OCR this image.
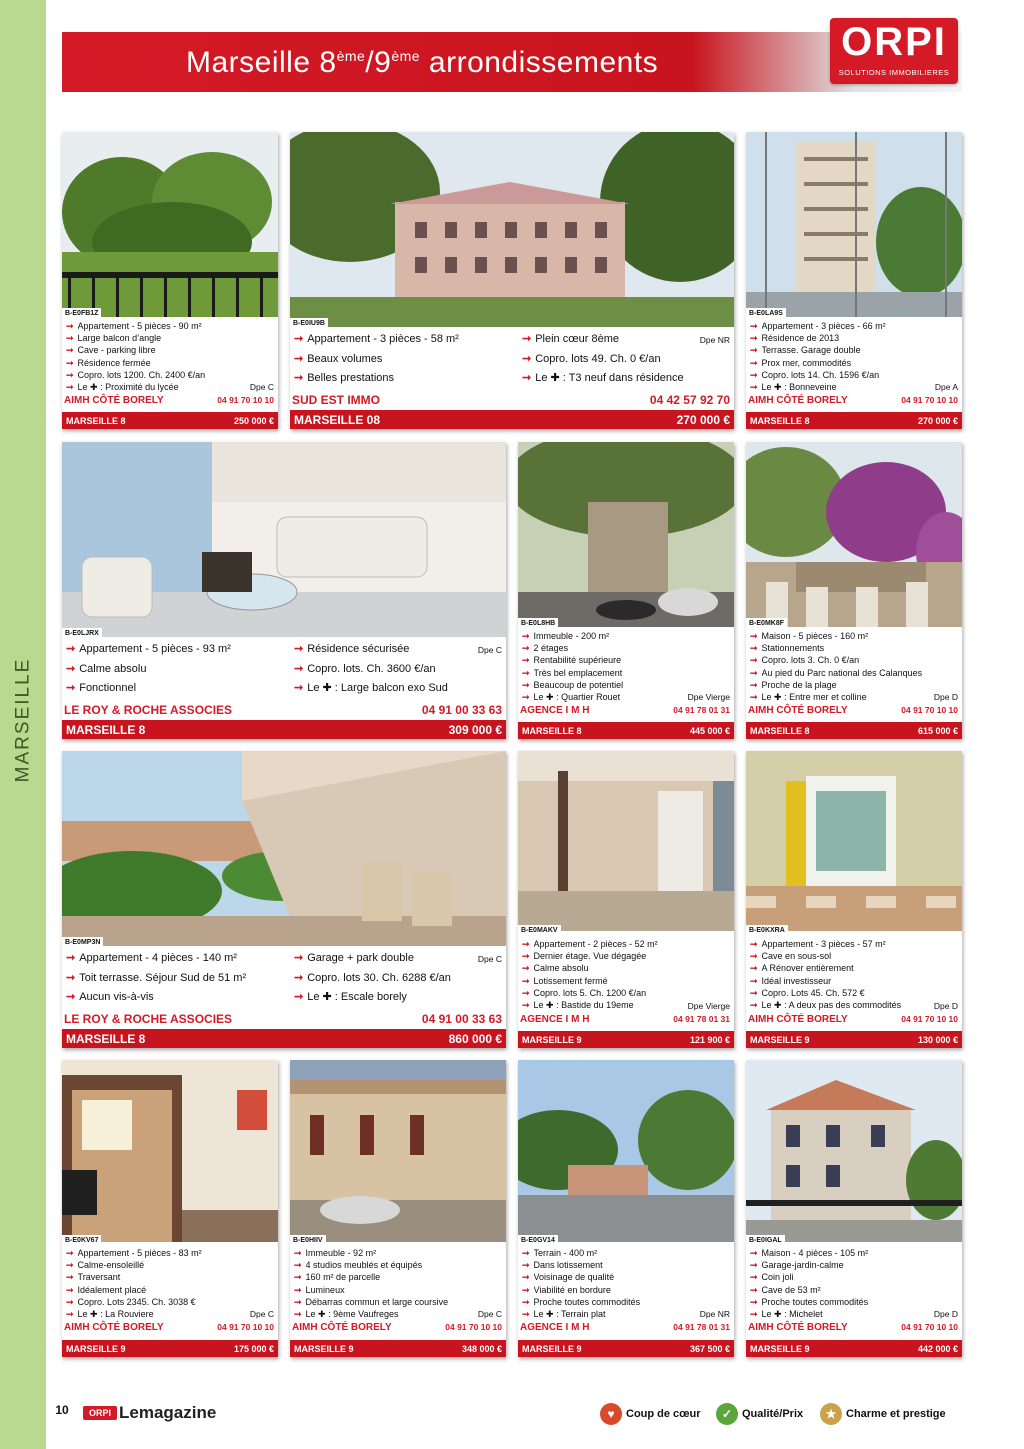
MARSEILLE
Marseille 8ème/9ème arrondissements	ORPI
SOLUTIONS IMMOBILIERES
B-E0FB1Z
➞ Appartement - 5 pièces - 90 m²
➞ Large balcon d’angle
➞ Cave - parking libre
➞ Résidence fermée
➞ Copro. lots 1200. Ch. 2400 €/an
➞ Le ✚ : Proximité du lycée	Dpe C
AIMH CÔTÉ BORELY	04 91 70 10 10
MARSEILLE 8	250 000 €
B-E0IU9B
➞ Appartement - 3 pièces - 58 m²
➞ Beaux volumes
➞ Belles prestations
➞ Plein cœur 8ème
➞ Copro. lots 49. Ch. 0 €/an
➞ Le ✚ : T3 neuf dans résidence
Dpe NR
SUD EST IMMO	04 42 57 92 70
MARSEILLE 08	270 000 €
B-E0LA9S
➞ Appartement - 3 pièces - 66 m²
➞ Résidence de 2013
➞ Terrasse. Garage double
➞ Prox mer, commodités
➞ Copro. lots 14. Ch. 1596 €/an
➞ Le ✚ : Bonneveine	Dpe A
AIMH CÔTÉ BORELY	04 91 70 10 10
MARSEILLE 8	270 000 €
B-E0LJRX
➞ Appartement - 5 pièces - 93 m²
➞ Calme absolu
➞ Fonctionnel
➞ Résidence sécurisée
➞ Copro. lots. Ch. 3600 €/an
➞ Le ✚ : Large balcon exo Sud
Dpe C
LE ROY & ROCHE ASSOCIES	04 91 00 33 63
MARSEILLE 8	309 000 €
B-E0L8HB
➞ Immeuble - 200 m²
➞ 2 étages
➞ Rentabilité supérieure
➞ Très bel emplacement
➞ Beaucoup de potentiel
➞ Le ✚ : Quartier Rouet	Dpe Vierge
AGENCE I M H	04 91 78 01 31
MARSEILLE 8	445 000 €
B-E0MK8F
➞ Maison - 5 pièces - 160 m²
➞ Stationnements
➞ Copro. lots 3. Ch. 0 €/an
➞ Au pied du Parc national des Calanques
➞ Proche de la plage
➞ Le ✚ : Entre mer et colline	Dpe D
AIMH CÔTÉ BORELY	04 91 70 10 10
MARSEILLE 8	615 000 €
B-E0MP3N
➞ Appartement - 4 pièces - 140 m²
➞ Toit terrasse. Séjour Sud de 51 m²
➞ Aucun vis-à-vis
➞ Garage + park double
➞ Copro. lots 30. Ch. 6288 €/an
➞ Le ✚ : Escale borely
Dpe C
LE ROY & ROCHE ASSOCIES	04 91 00 33 63
MARSEILLE 8	860 000 €
B-E0MAKV
➞ Appartement - 2 pièces - 52 m²
➞ Dernier étage. Vue dégagée
➞ Calme absolu
➞ Lotissement fermé
➞ Copro. lots 5. Ch. 1200 €/an
➞ Le ✚ : Bastide du 19eme	Dpe Vierge
AGENCE I M H	04 91 78 01 31
MARSEILLE 9	121 900 €
B-E0KXRA
➞ Appartement - 3 pièces - 57 m²
➞ Cave en sous-sol
➞ A Rénover entièrement
➞ Idéal investisseur
➞ Copro. Lots 45. Ch. 572 €
➞ Le ✚ : A deux pas des commodités	Dpe D
AIMH CÔTÉ BORELY	04 91 70 10 10
MARSEILLE 9	130 000 €
B-E0KV67
➞ Appartement - 5 pièces - 83 m²
➞ Calme-ensoleillé
➞ Traversant
➞ Idéalement placé
➞ Copro. Lots 2345. Ch. 3038 €
➞ Le ✚ : La Rouviere	Dpe C
AIMH CÔTÉ BORELY	04 91 70 10 10
MARSEILLE 9	175 000 €
B-E0HIIV
➞ Immeuble - 92 m²
➞ 4 studios meublés et équipés
➞ 160 m² de parcelle
➞ Lumineux
➞ Débarras commun et large coursive
➞ Le ✚ : 9ème Vaufreges	Dpe C
AIMH CÔTÉ BORELY	04 91 70 10 10
MARSEILLE 9	348 000 €
B-E0GV14
➞ Terrain - 400 m²
➞ Dans lotissement
➞ Voisinage de qualité
➞ Viabilité en bordure
➞ Proche toutes commodités
➞ Le ✚ : Terrain plat	Dpe NR
AGENCE I M H	04 91 78 01 31
MARSEILLE 9	367 500 €
B-E0IGAL
➞ Maison - 4 pièces - 105 m²
➞ Garage-jardin-calme
➞ Coin joli
➞ Cave de 53 m²
➞ Proche toutes commodités
➞ Le ✚ : Michelet	Dpe D
AIMH CÔTÉ BORELY	04 91 70 10 10
MARSEILLE 9	442 000 €
10	ORPI Lemagazine	♥	Coup de cœur	✓ Qualité/Prix	★ Charme et prestige
